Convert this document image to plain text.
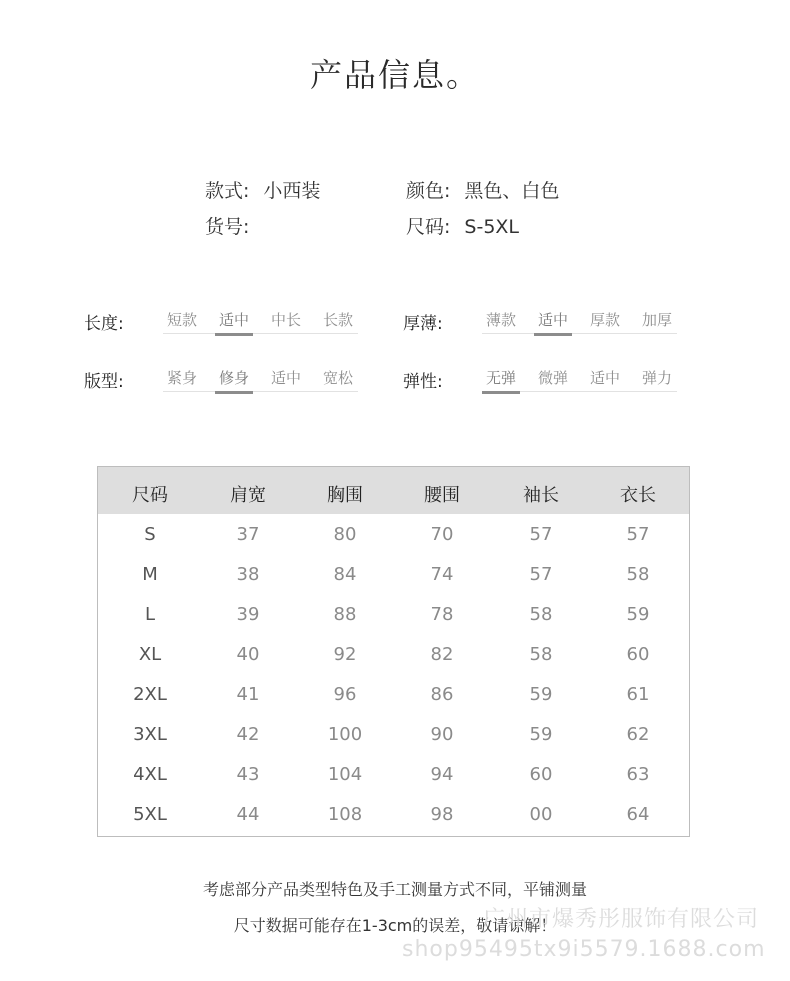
产品信息。
款式: 小西装	颜色: 黑色、白色
货号:	尺码: S-5XL
长度:	短款 适中 中长 长款	厚薄:	薄款 适中 厚款 加厚
版型:	紧身 修身 适中 宽松	弹性:	无弹 微弹 适中 弹力
尺码	肩宽	胸围	腰围	袖长	衣长
S	37	80	70	57	57
M	38	84	74	57	58
L	39	88	78	58	59
XL	40	92	82	58	60
2XL	41	96	86	59	61
3XL	42	100	90	59	62
4XL	43	104	94	60	63
5XL	44	108	98	00	64
考虑部分产品类型特色及手工测量方式不同，平铺测量
尺寸数据可能存在1-3cm的误差，敬请谅解！
广州市爆秀彤服饰有限公司
shop95495tx9i5579.1688.com
